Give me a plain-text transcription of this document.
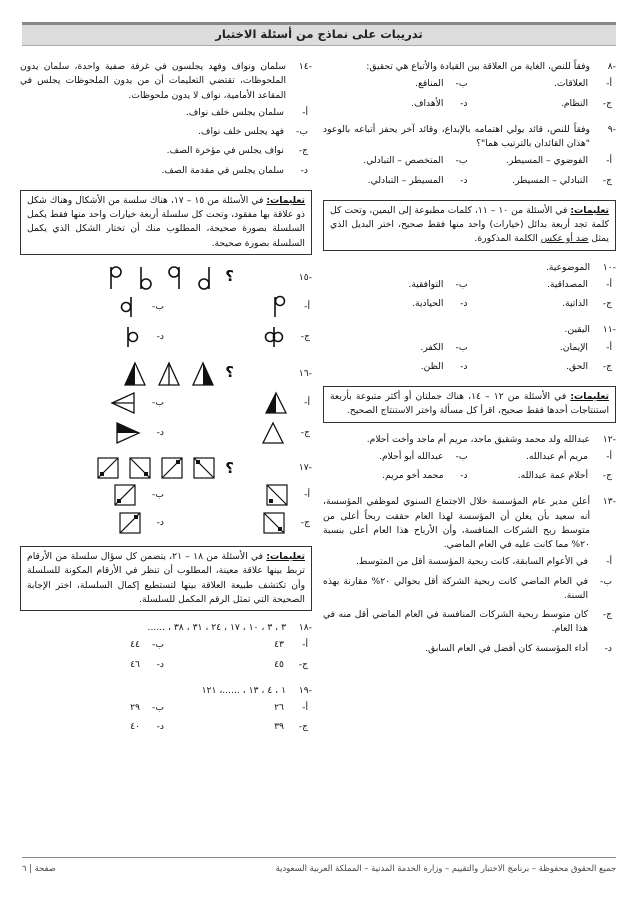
تدريبات على نماذج من أسئلة الاختبار
-٨
وفقاً للنص، الغاية من العلاقة بين القيادة والأتباع هي تحقيق:
أ-
العلاقات.
ب-
المنافع.
ج-
النظام.
د-
الأهداف.
-٩
وفقاً للنص، قائد يولي اهتمامه بالإبداع، وقائد آخر يحفز أتباعه بالوعود "هذان القائدان بالترتيب هما"؟
أ-
الفوضوي – المسيطر.
ب-
المتخصص – التبادلي.
ج-
التبادلي – المسيطر.
د-
المسيطر – التبادلي.
تعليمات: في الأسئلة من ١٠ – ١١، كلمات مطبوعة إلى اليمين، وتحت كل كلمة تجد أربعة بدائل (خيارات) واحد منها فقط صحيح، اختر البديل الذي يمثل ضد أو عكس الكلمة المذكورة.
-١٠
الموضوعية.
أ-
المصداقية.
ب-
التوافقية.
ج-
الذاتية.
د-
الحيادية.
-١١
اليقين.
أ-
الإيمان.
ب-
الكفر.
ج-
الحق.
د-
الظن.
تعليمات: في الأسئلة من ١٢ – ١٤، هناك جملتان أو أكثر متبوعة بأربعة استنتاجات أحدها فقط صحيح، اقرأ كل مسألة واختر الاستنتاج الصحيح.
-١٢
عبدالله ولد محمد وشقيق ماجد، مريم أم ماجد وأخت أحلام.
أ-
مريم أم عبدالله.
ب-
عبدالله أبو أحلام.
ج-
أحلام عمة عبدالله.
د-
محمد أخو مريم.
-١٣
أعلن مدير عام المؤسسة خلال الاجتماع السنوي لموظفي المؤسسة، أنه سعيد بأن يعلن أن المؤسسة لهذا العام حققت ربحاً أعلى من متوسط ربح الشركات المنافسة، وأن الأرباح هذا العام أعلى بنسبة ٢٠% مما كانت عليه في العام الماضي.
أ-
في الأعوام السابقة، كانت ربحية المؤسسة أقل من المتوسط.
ب-
في العام الماضي كانت ربحية الشركة أقل بحوالي ٢٠% مقارنة بهذه السنة.
ج-
كان متوسط ربحية الشركات المنافسة في العام الماضي أقل منه في هذا العام.
د-
أداء المؤسسة كان أفضل في العام السابق.
-١٤
سلمان ونواف وفهد يجلسون في غرفة صفية واحدة، سلمان يدون الملحوظات، تقتضي التعليمات أن من يدون الملحوظات يجلس في المقاعد الأمامية، نواف لا يدون ملحوظات.
أ-
سلمان يجلس خلف نواف.
ب-
فهد يجلس خلف نواف.
ج-
نواف يجلس في مؤخرة الصف.
د-
سلمان يجلس في مقدمة الصف.
تعليمات: في الأسئلة من ١٥ – ١٧، هناك سلسة من الأشكال وهناك شكل ذو علاقة بها مفقود، وتحت كل سلسلة أربعة خيارات واحد منها فقط يكمل السلسلة بصورة صحيحة، المطلوب منك أن تختار الشكل الذي يكمل السلسلة بصورة صحيحة.
-١٥
؟
أ-
ب-
ج-
د-
-١٦
؟
أ-
ب-
ج-
د-
-١٧
؟
أ-
ب-
ج-
د-
تعليمات: في الأسئلة من ١٨ – ٢١، يتضمن كل سؤال سلسلة من الأرقام تربط بينها علاقة معينة، المطلوب أن تنظر في الأرقام المكونة للسلسلة وأن تكتشف طبيعة العلاقة بينها لتستطيع إكمال السلسلة، اختر الإجابة الصحيحة التي تمثل الرقم المكمل للسلسلة.
-١٨
٣ ، ٣ ، ١٠ ، ١٧ ، ٢٤ ، ٣١ ، ٣٨ ، ......
أ-
٤٣
ب-
٤٤
ج-
٤٥
د-
٤٦
-١٩
١ ، ٤ ، ١٣ ، ......، ١٢١
أ-
٢٦
ب-
٢٩
ج-
٣٩
د-
٤٠
جميع الحقوق محفوظة – برنامج الاختبار والتقييم – وزارة الخدمة المدنية – المملكة العربية السعودية
صفحة | ٦
